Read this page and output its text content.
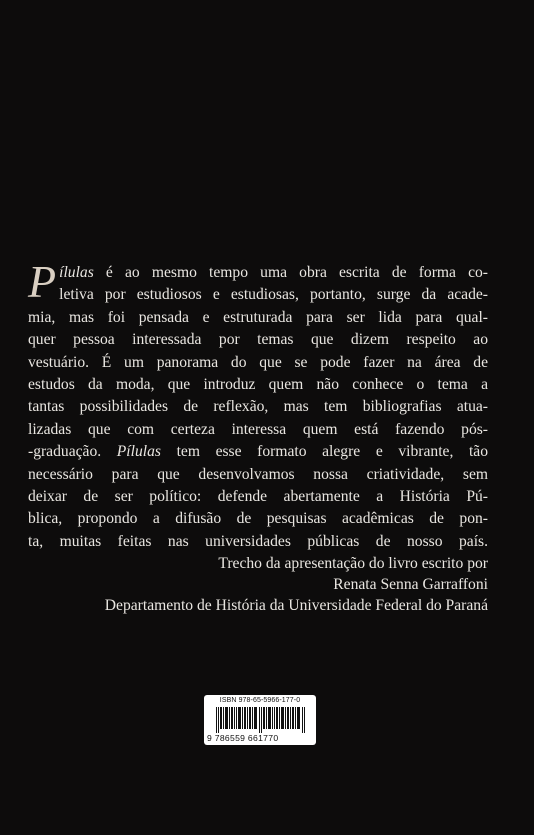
Pílulas é ao mesmo tempo uma obra escrita de forma co-
letiva por estudiosos e estudiosas, portanto, surge da acade-
mia, mas foi pensada e estruturada para ser lida para qual-
quer pessoa interessada por temas que dizem respeito ao
vestuário. É um panorama do que se pode fazer na área de
estudos da moda, que introduz quem não conhece o tema a
tantas possibilidades de reflexão, mas tem bibliografias atua-
lizadas que com certeza interessa quem está fazendo pós-
-graduação. Pílulas tem esse formato alegre e vibrante, tão
necessário para que desenvolvamos nossa criatividade, sem
deixar de ser político: defende abertamente a História Pú-
blica, propondo a difusão de pesquisas acadêmicas de pon-
ta, muitas feitas nas universidades públicas de nosso país.
Trecho da apresentação do livro escrito por
Renata Senna Garraffoni
Departamento de História da Universidade Federal do Paraná
ISBN 978-65-5966-177-0
9 786559 661770
